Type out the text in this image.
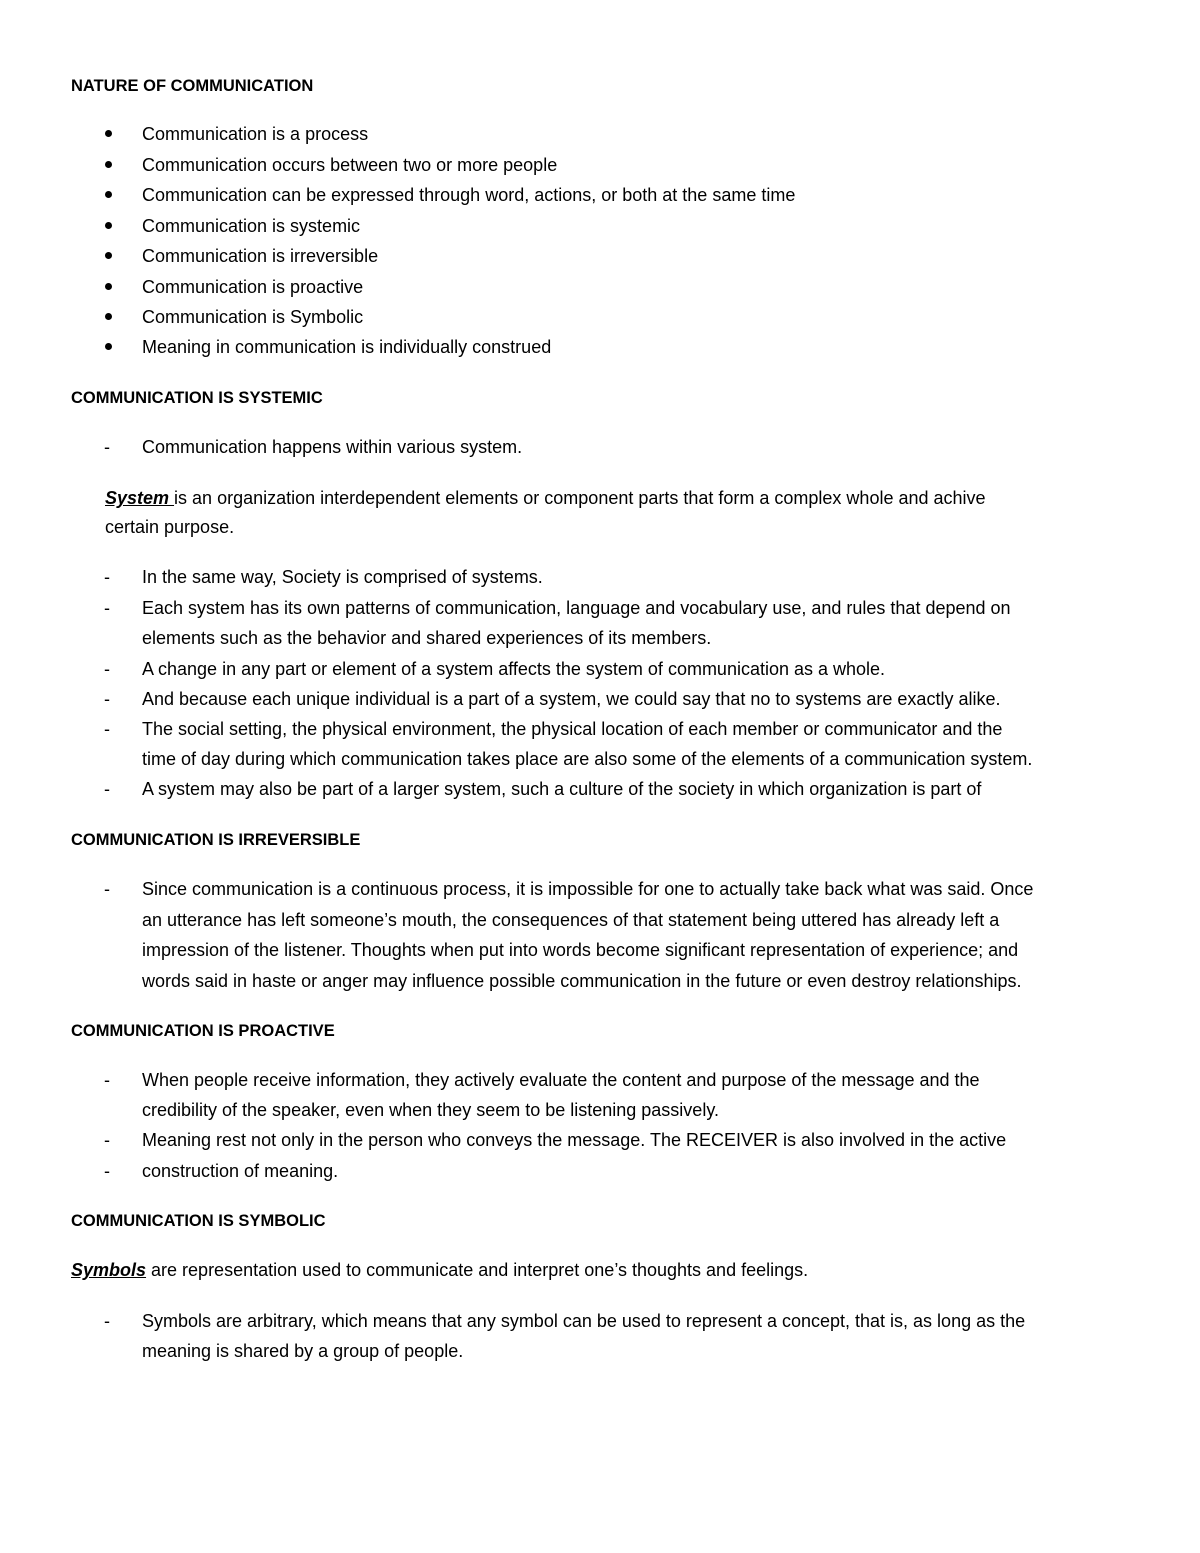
NATURE OF COMMUNICATION
Communication is a process
Communication occurs between two or more people
Communication can be expressed through word, actions, or both at the same time
Communication is systemic
Communication is irreversible
Communication is proactive
Communication is Symbolic
Meaning in communication is individually construed
COMMUNICATION IS SYSTEMIC
- Communication happens within various system.
System is an organization interdependent elements or component parts that form a complex whole and achive
certain purpose.
- In the same way, Society is comprised of systems.
- Each system has its own patterns of communication, language and vocabulary use, and rules that depend on
elements such as the behavior and shared experiences of its members.
- A change in any part or element of a system affects the system of communication as a whole.
- And because each unique individual is a part of a system, we could say that no to systems are exactly alike.
- The social setting, the physical environment, the physical location of each member or communicator and the
time of day during which communication takes place are also some of the elements of a communication system.
- A system may also be part of a larger system, such a culture of the society in which organization is part of
COMMUNICATION IS IRREVERSIBLE
- Since communication is a continuous process, it is impossible for one to actually take back what was said. Once
an utterance has left someone’s mouth, the consequences of that statement being uttered has already left a
impression of the listener. Thoughts when put into words become significant representation of experience; and
words said in haste or anger may influence possible communication in the future or even destroy relationships.
COMMUNICATION IS PROACTIVE
- When people receive information, they actively evaluate the content and purpose of the message and the
credibility of the speaker, even when they seem to be listening passively.
- Meaning rest not only in the person who conveys the message. The RECEIVER is also involved in the active
- construction of meaning.
COMMUNICATION IS SYMBOLIC
Symbols are representation used to communicate and interpret one’s thoughts and feelings.
- Symbols are arbitrary, which means that any symbol can be used to represent a concept, that is, as long as the
meaning is shared by a group of people.
